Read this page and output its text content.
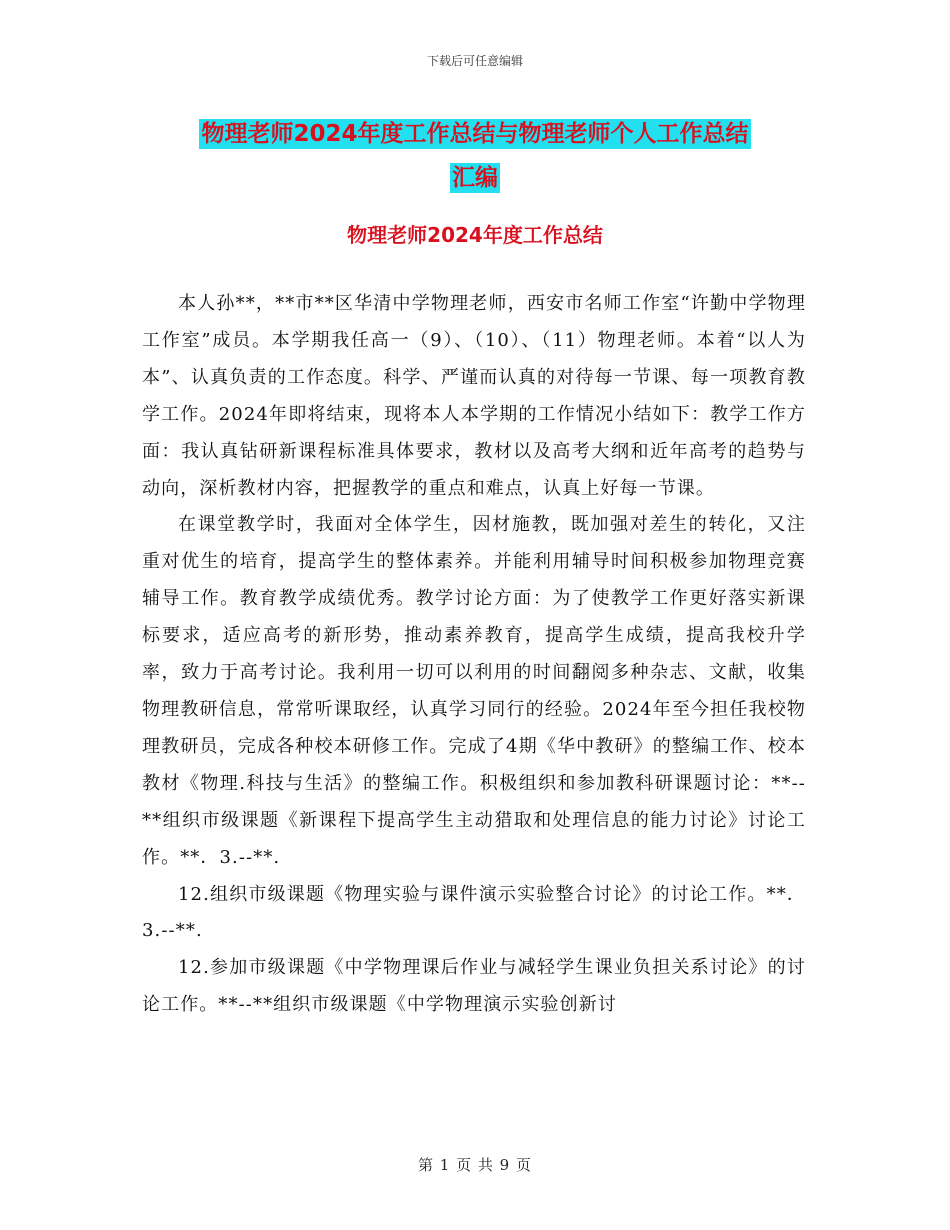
下载后可任意编辑
物理老师2024年度工作总结与物理老师个人工作总结
汇编
物理老师2024年度工作总结

本人孙**，**市**区华清中学物理老师，西安市名师工作室“许勤中学物理工作室”成员。本学期我任高一（9）、（10）、（11）物理老师。本着“以人为本”、认真负责的工作态度。科学、严谨而认真的对待每一节课、每一项教育教学工作。2024年即将结束，现将本人本学期的工作情况小结如下：教学工作方面：我认真钻研新课程标准具体要求，教材以及高考大纲和近年高考的趋势与动向，深析教材内容，把握教学的重点和难点，认真上好每一节课。

在课堂教学时，我面对全体学生，因材施教，既加强对差生的转化，又注重对优生的培育，提高学生的整体素养。并能利用辅导时间积极参加物理竞赛辅导工作。教育教学成绩优秀。教学讨论方面：为了使教学工作更好落实新课标要求，适应高考的新形势，推动素养教育，提高学生成绩，提高我校升学率，致力于高考讨论。我利用一切可以利用的时间翻阅多种杂志、文献，收集物理教研信息，常常听课取经，认真学习同行的经验。2024年至今担任我校物理教研员，完成各种校本研修工作。完成了4期《华中教研》的整编工作、校本教材《物理.科技与生活》的整编工作。积极组织和参加教科研课题讨论：**--**组织市级课题《新课程下提高学生主动猎取和处理信息的能力讨论》讨论工作。**．3.--**.

12.组织市级课题《物理实验与课件演示实验整合讨论》的讨论工作。**．3.--**.

12.参加市级课题《中学物理课后作业与减轻学生课业负担关系讨论》的讨论工作。**--**组织市级课题《中学物理演示实验创新讨

第 1 页 共 9 页
